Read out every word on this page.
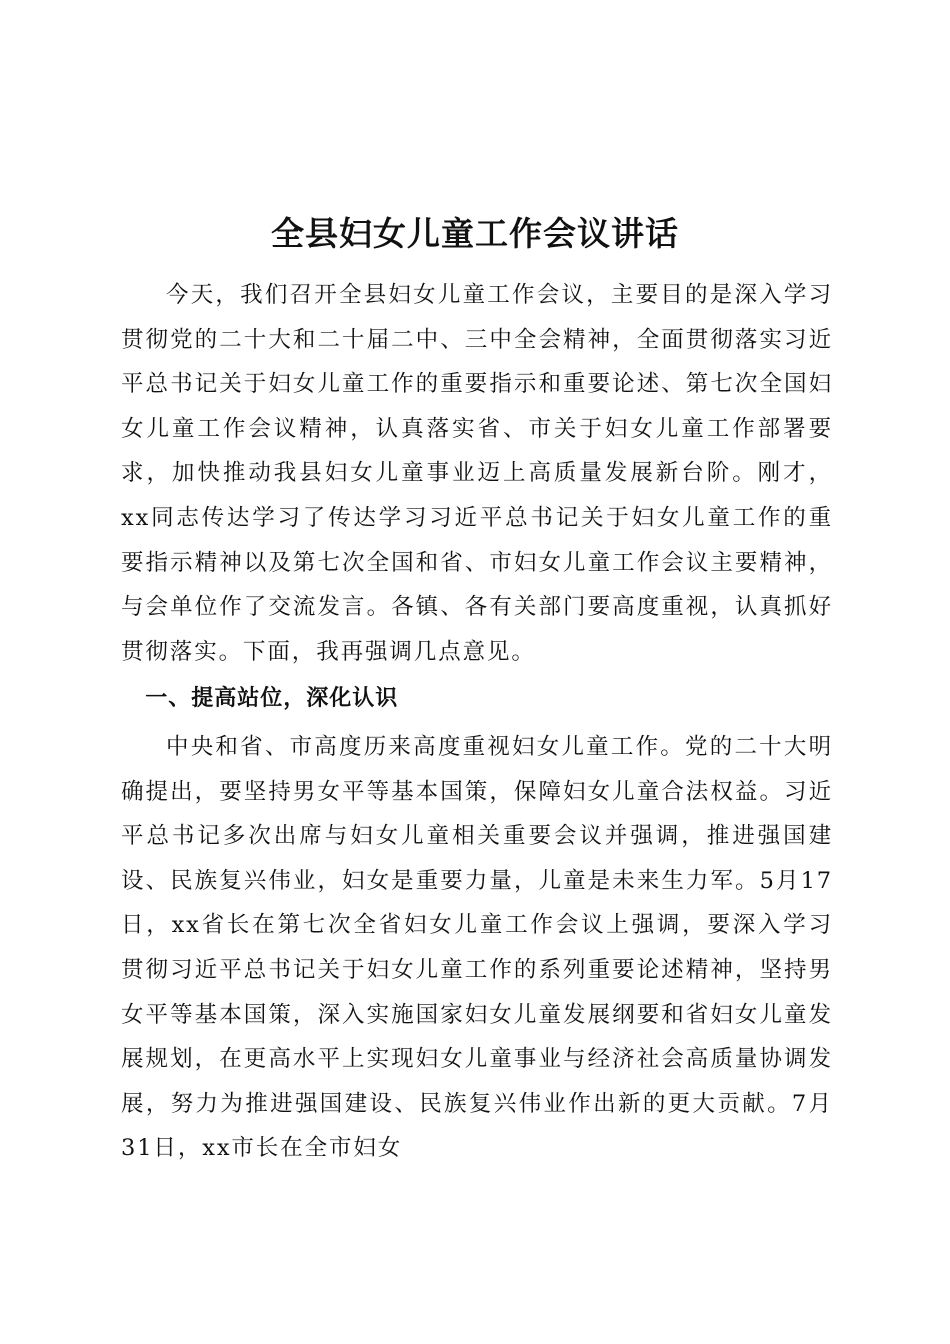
全县妇女儿童工作会议讲话

今天，我们召开全县妇女儿童工作会议，主要目的是深入学习贯彻党的二十大和二十届二中、三中全会精神，全面贯彻落实习近平总书记关于妇女儿童工作的重要指示和重要论述、第七次全国妇女儿童工作会议精神，认真落实省、市关于妇女儿童工作部署要求，加快推动我县妇女儿童事业迈上高质量发展新台阶。刚才，xx同志传达学习了传达学习习近平总书记关于妇女儿童工作的重要指示精神以及第七次全国和省、市妇女儿童工作会议主要精神，与会单位作了交流发言。各镇、各有关部门要高度重视，认真抓好贯彻落实。下面，我再强调几点意见。

一、提高站位，深化认识

中央和省、市高度历来高度重视妇女儿童工作。党的二十大明确提出，要坚持男女平等基本国策，保障妇女儿童合法权益。习近平总书记多次出席与妇女儿童相关重要会议并强调，推进强国建设、民族复兴伟业，妇女是重要力量，儿童是未来生力军。5月17日，xx省长在第七次全省妇女儿童工作会议上强调，要深入学习贯彻习近平总书记关于妇女儿童工作的系列重要论述精神，坚持男女平等基本国策，深入实施国家妇女儿童发展纲要和省妇女儿童发展规划，在更高水平上实现妇女儿童事业与经济社会高质量协调发展，努力为推进强国建设、民族复兴伟业作出新的更大贡献。7月31日，xx市长在全市妇女
